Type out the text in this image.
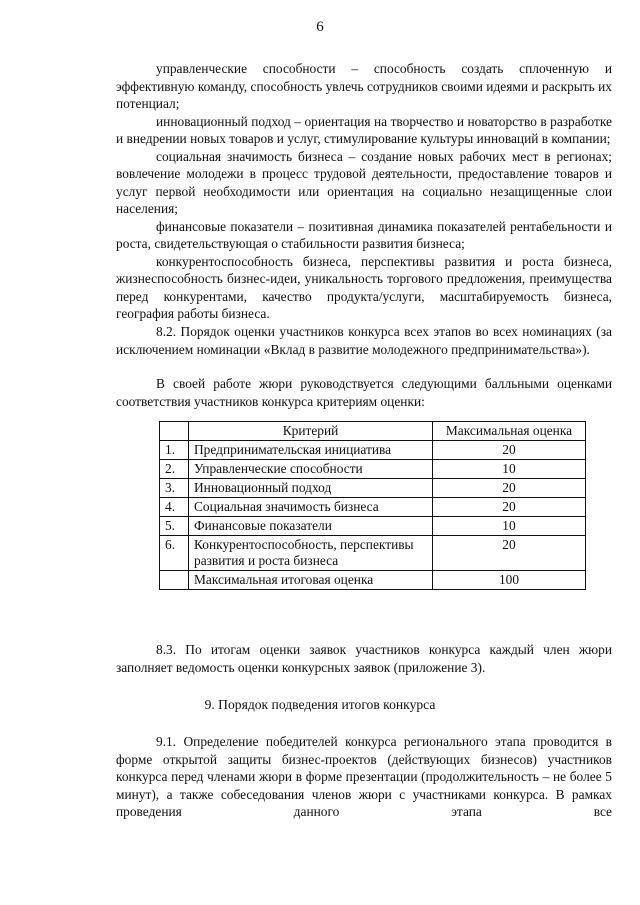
6

управленческие способности – способность создать сплоченную и эффективную команду, способность увлечь сотрудников своими идеями и раскрыть их потенциал;

инновационный подход – ориентация на творчество и новаторство в разработке и внедрении новых товаров и услуг, стимулирование культуры инноваций в компании;

социальная значимость бизнеса – создание новых рабочих мест в регионах; вовлечение молодежи в процесс трудовой деятельности, предоставление товаров и услуг первой необходимости или ориентация на социально незащищенные слои населения;

финансовые показатели – позитивная динамика показателей рентабельности и роста, свидетельствующая о стабильности развития бизнеса;

конкурентоспособность бизнеса, перспективы развития и роста бизнеса, жизнеспособность бизнес-идеи, уникальность торгового предложения, преимущества перед конкурентами, качество продукта/услуги, масштабируемость бизнеса, география работы бизнеса.

8.2. Порядок оценки участников конкурса всех этапов во всех номинациях (за исключением номинации «Вклад в развитие молодежного предпринимательства»).

В своей работе жюри руководствуется следующими балльными оценками соответствия участников конкурса критериям оценки:

	Критерий	Максимальная оценка
1.	Предпринимательская инициатива	20
2.	Управленческие способности	10
3.	Инновационный подход	20
4.	Социальная значимость бизнеса	20
5.	Финансовые показатели	10
6.	Конкурентоспособность, перспективы развития и роста бизнеса	20
	Максимальная итоговая оценка	100

8.3. По итогам оценки заявок участников конкурса каждый член жюри заполняет ведомость оценки конкурсных заявок (приложение 3).

9. Порядок подведения итогов конкурса

9.1. Определение победителей конкурса регионального этапа проводится в форме открытой защиты бизнес-проектов (действующих бизнесов) участников конкурса перед членами жюри в форме презентации (продолжительность – не более 5 минут), а также собеседования членов жюри с участниками конкурса. В рамках проведения данного этапа все
